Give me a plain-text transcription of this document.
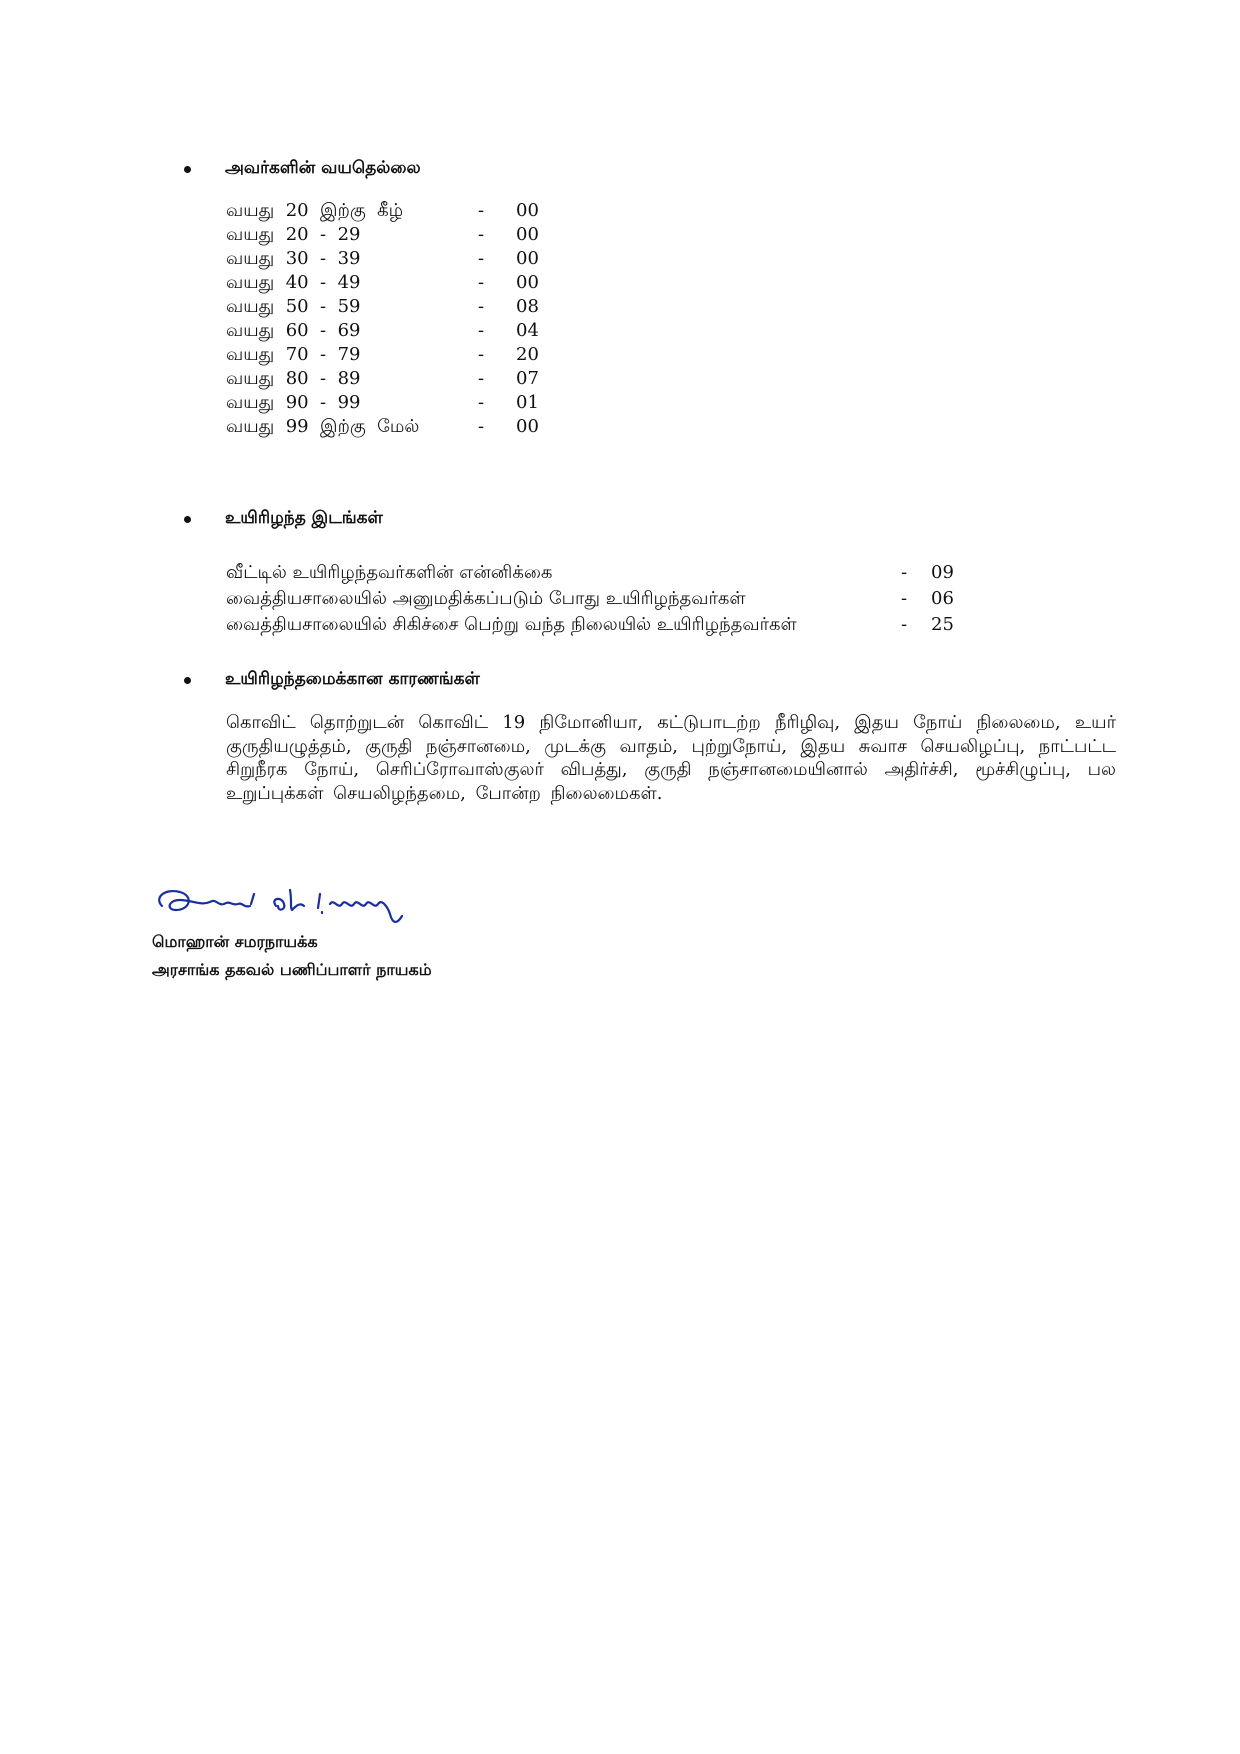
அவர்களின் வயதெல்லை
வயது  20  இற்கு  கீழ்	-	00
வயது  20  -  29	-	00
வயது  30  -  39	-	00
வயது  40  -  49	-	00
வயது  50  -  59	-	08
வயது  60  -  69	-	04
வயது  70  -  79	-	20
வயது  80  -  89	-	07
வயது  90  -  99	-	01
வயது  99  இற்கு  மேல்	-	00
உயிரிழந்த இடங்கள்
வீட்டில் உயிரிழந்தவர்களின் என்னிக்கை	-	09
வைத்தியசாலையில் அனுமதிக்கப்படும் போது உயிரிழந்தவர்கள்	-	06
வைத்தியசாலையில் சிகிச்சை பெற்று வந்த நிலையில் உயிரிழந்தவர்கள்	-	25
உயிரிழந்தமைக்கான காரணங்கள்
கொவிட் தொற்றுடன் கொவிட் 19 நிமோனியா, கட்டுபாடற்ற நீரிழிவு, இதய நோய் நிலைமை, உயர் குருதியழுத்தம், குருதி நஞ்சானமை, முடக்கு வாதம், புற்றுநோய், இதய சுவாச செயலிழப்பு, நாட்பட்ட சிறுநீரக நோய், செரிப்ரோவாஸ்குலர் விபத்து, குருதி நஞ்சானமையினால் அதிர்ச்சி, மூச்சிழுப்பு, பல உறுப்புக்கள் செயலிழந்தமை, போன்ற நிலைமைகள்.
மொஹான் சமரநாயக்க
அரசாங்க தகவல் பணிப்பாளர் நாயகம்
